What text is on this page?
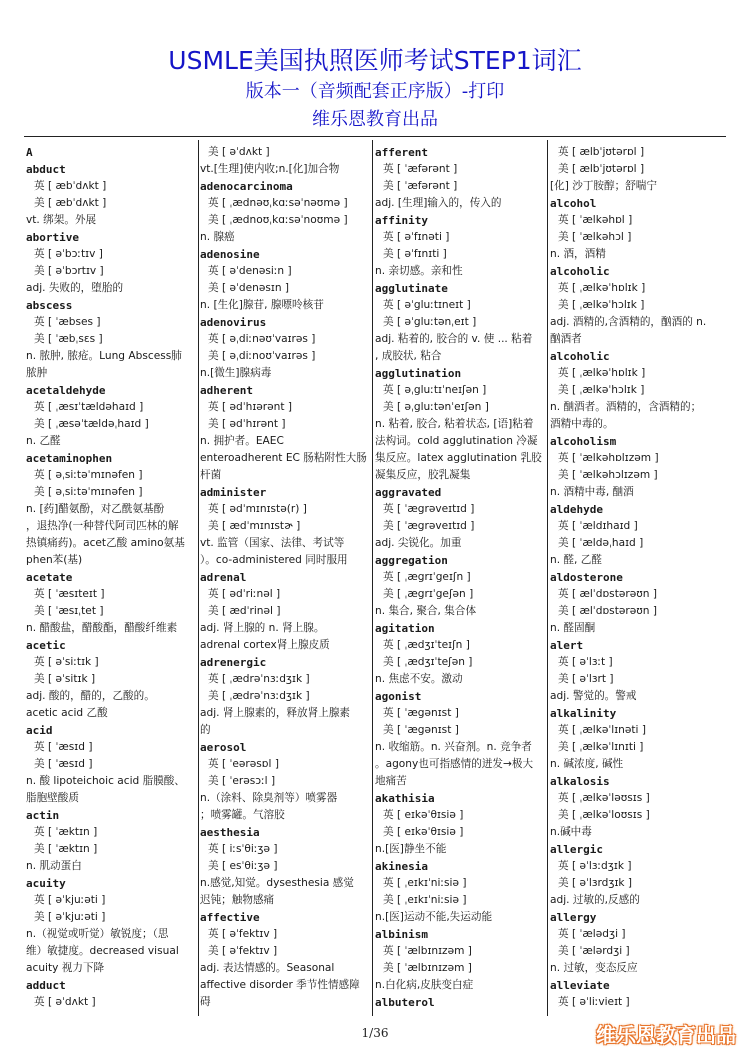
USMLE美国执照医师考试STEP1词汇
版本一（音频配套正序版）-打印
维乐恩教育出品
A
abduct
英 [ æbˈdʌkt ]
美 [ æbˈdʌkt ]
vt. 绑架。外展
abortive
英 [ əˈbɔːtɪv ]
美 [ əˈbɔrtɪv ]
adj. 失败的，堕胎的
abscess
英 [ ˈæbses ]
美 [ ˈæbˌsɛs ]
n. 脓肿, 脓疮。Lung Abscess肺
脓肿
acetaldehyde
英 [ ˌæsɪˈtældəhaɪd ]
美 [ ˌæsəˈtældəˌhaɪd ]
n. 乙醛
acetaminophen
英 [ əˌsiːtəˈmɪnəfen ]
美 [ əˌsiːtəˈmɪnəfen ]
n. [药]醋氨酚，对乙酰氨基酚
，退热净(一种替代阿司匹林的解
热镇痛药)。acet乙酸 amino氨基
phen苯(基)
acetate
英 [ ˈæsɪteɪt ]
美 [ ˈæsɪˌtet ]
n. 醋酸盐，醋酸酯，醋酸纤维素
acetic
英 [ əˈsiːtɪk ]
美 [ əˈsitɪk ]
adj. 酸的，醋的，乙酸的。
acetic acid 乙酸
acid
英 [ ˈæsɪd ]
美 [ ˈæsɪd ]
n. 酸 lipoteichoic acid 脂膜酸、
脂胞壁酸质
actin
英 [ ˈæktɪn ]
美 [ ˈæktɪn ]
n. 肌动蛋白
acuity
英 [ əˈkjuːəti ]
美 [ əˈkjuːəti ]
n.（视觉或听觉）敏锐度；（思
维）敏捷度。decreased visual
acuity 视力下降
adduct
英 [ əˈdʌkt ]
美 [ əˈdʌkt ]
vt.[生理]使内收;n.[化]加合物
adenocarcinoma
英 [ ˌædnəʊˌkɑːsəˈnəʊmə ]
美 [ ˌædnoʊˌkɑːsəˈnoʊmə ]
n. 腺癌
adenosine
英 [ əˈdenəsiːn ]
美 [ əˈdenəsɪn ]
n. [生化]腺苷, 腺嘌呤核苷
adenovirus
英 [ əˌdiːnəʊˈvaɪrəs ]
美 [ əˌdiːnoʊˈvaɪrəs ]
n.[微生]腺病毒
adherent
英 [ ədˈhɪərənt ]
美 [ ədˈhɪrənt ]
n. 拥护者。EAEC
enteroadherent EC 肠粘附性大肠
杆菌
administer
英 [ ədˈmɪnɪstə(r) ]
美 [ ædˈmɪnɪstɚ ]
vt. 监管（国家、法律、考试等
）。co-administered 同时服用
adrenal
英 [ ədˈriːnəl ]
美 [ ædˈrinəl ]
adj. 肾上腺的 n. 肾上腺。
adrenal cortex肾上腺皮质
adrenergic
英 [ ˌædrəˈnɜːdʒɪk ]
美 [ ˌædrəˈnɜːdʒɪk ]
adj. 肾上腺素的，释放肾上腺素
的
aerosol
英 [ ˈeərəsɒl ]
美 [ ˈerəsɔːl ]
n.（涂料、除臭剂等）喷雾器
；喷雾罐。气溶胶
aesthesia
英 [ iːsˈθiːʒə ]
美 [ esˈθiːʒə ]
n.感觉,知觉。dysesthesia 感觉
迟钝；触物感痛
affective
英 [ əˈfektɪv ]
美 [ əˈfektɪv ]
adj. 表达情感的。Seasonal
affective disorder 季节性情感障
碍
afferent
英 [ ˈæfərənt ]
美 [ ˈæfərənt ]
adj. [生理]输入的，传入的
affinity
英 [ əˈfɪnəti ]
美 [ əˈfɪnɪti ]
n. 亲切感。亲和性
agglutinate
英 [ əˈgluːtɪneɪt ]
美 [ əˈgluːtənˌeɪt ]
adj. 粘着的, 胶合的 v. 使 ... 粘着
, 成胶状, 粘合
agglutination
英 [ əˌgluːtɪˈneɪʃən ]
美 [ əˌgluːtənˈeɪʃən ]
n. 粘着, 胶合, 粘着状态, [语]粘着
法构词。cold agglutination 冷凝
集反应。latex agglutination 乳胶
凝集反应，胶乳凝集
aggravated
英 [ ˈægrəveɪtɪd ]
美 [ ˈægrəveɪtɪd ]
adj. 尖锐化。加重
aggregation
英 [ ˌægrɪˈgeɪʃn ]
美 [ ˌægrɪˈgeʃən ]
n. 集合, 聚合, 集合体
agitation
英 [ ˌædʒɪˈteɪʃn ]
美 [ ˌædʒɪˈteʃən ]
n. 焦虑不安。激动
agonist
英 [ ˈægənɪst ]
美 [ ˈægənɪst ]
n. 收缩筋。n. 兴奋剂。n. 竞争者
。agony也可指感情的迸发→极大
地痛苦
akathisia
英 [ eɪkəˈθɪsiə ]
美 [ eɪkəˈθɪsiə ]
n.[医]静坐不能
akinesia
英 [ ˌeɪkɪˈniːsiə ]
美 [ ˌeɪkɪˈniːsiə ]
n.[医]运动不能,失运动能
albinism
英 [ ˈælbɪnɪzəm ]
美 [ ˈælbɪnɪzəm ]
n.白化病,皮肤变白症
albuterol
英 [ ælbˈjʊtərɒl ]
美 [ ælbˈjʊtərɒl ]
[化] 沙丁胺醇；舒喘宁
alcohol
英 [ ˈælkəhɒl ]
美 [ ˈælkəhɔl ]
n. 酒，酒精
alcoholic
英 [ ˌælkəˈhɒlɪk ]
美 [ ˌælkəˈhɔlɪk ]
adj. 酒精的,含酒精的，酗酒的 n.
酗酒者
alcoholic
英 [ ˌælkəˈhɒlɪk ]
美 [ ˌælkəˈhɔlɪk ]
n. 酗酒者。酒精的，含酒精的；
酒精中毒的。
alcoholism
英 [ ˈælkəhɒlɪzəm ]
美 [ ˈælkəhɔlɪzəm ]
n. 酒精中毒, 酗酒
aldehyde
英 [ ˈældɪhaɪd ]
美 [ ˈældəˌhaɪd ]
n. 醛, 乙醛
aldosterone
英 [ ælˈdɒstərəʊn ]
美 [ ælˈdɒstərəʊn ]
n. 醛固酮
alert
英 [ əˈlɜːt ]
美 [ əˈlɜrt ]
adj. 警觉的。警戒
alkalinity
英 [ ˌælkəˈlɪnəti ]
美 [ ˌælkəˈlɪnɪti ]
n. 碱浓度, 碱性
alkalosis
英 [ ˌælkəˈləʊsɪs ]
美 [ ˌælkəˈloʊsɪs ]
n.碱中毒
allergic
英 [ əˈlɜːdʒɪk ]
美 [ əˈlɜrdʒɪk ]
adj. 过敏的,反感的
allergy
英 [ ˈælədʒi ]
美 [ ˈælərdʒi ]
n. 过敏，变态反应
alleviate
英 [ əˈliːvieɪt ]
1/36	维乐恩教育出品
